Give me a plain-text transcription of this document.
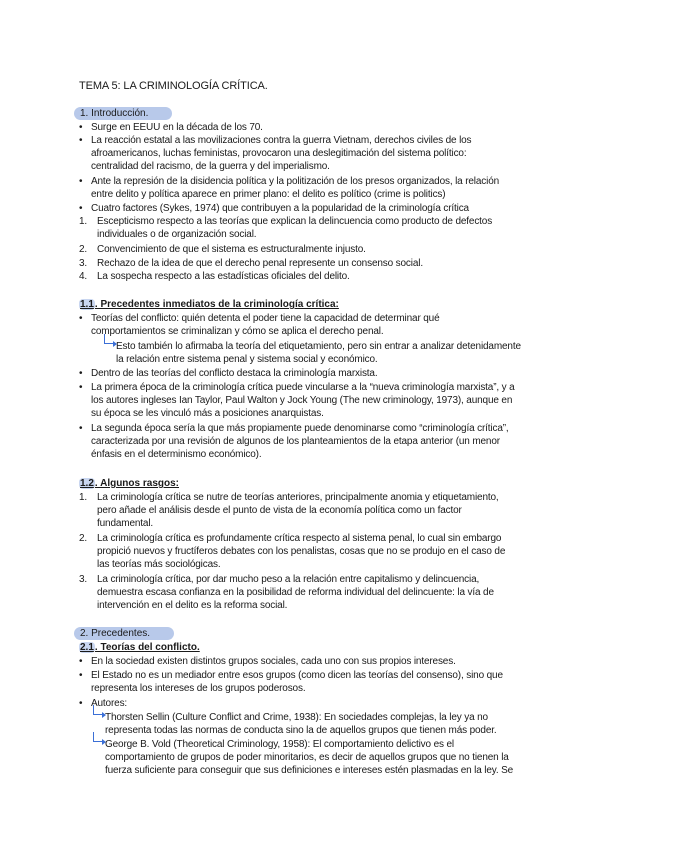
TEMA 5: LA CRIMINOLOGÍA CRÍTICA.
1. Introducción.
• Surge en EEUU en la década de los 70.
• La reacción estatal a las movilizaciones contra la guerra Vietnam, derechos civiles de los
afroamericanos, luchas feministas, provocaron una deslegitimación del sistema político:
centralidad del racismo, de la guerra y del imperialismo.
• Ante la represión de la disidencia política y la politización de los presos organizados, la relación
entre delito y política aparece en primer plano: el delito es político (crime is politics)
• Cuatro factores (Sykes, 1974) que contribuyen a la popularidad de la criminología crítica
1. Escepticismo respecto a las teorías que explican la delincuencia como producto de defectos
individuales o de organización social.
2. Convencimiento de que el sistema es estructuralmente injusto.
3. Rechazo de la idea de que el derecho penal represente un consenso social.
4. La sospecha respecto a las estadísticas oficiales del delito.
1.1. Precedentes inmediatos de la criminología crítica:
• Teorías del conflicto: quién detenta el poder tiene la capacidad de determinar qué
comportamientos se criminalizan y cómo se aplica el derecho penal.
Esto también lo afirmaba la teoría del etiquetamiento, pero sin entrar a analizar detenidamente
la relación entre sistema penal y sistema social y económico.
• Dentro de las teorías del conflicto destaca la criminología marxista.
• La primera época de la criminología crítica puede vincularse a la “nueva criminología marxista”, y a
los autores ingleses Ian Taylor, Paul Walton y Jock Young (The new criminology, 1973), aunque en
su época se les vinculó más a posiciones anarquistas.
• La segunda época sería la que más propiamente puede denominarse como “criminología crítica”,
caracterizada por una revisión de algunos de los planteamientos de la etapa anterior (un menor
énfasis en el determinismo económico).
1.2. Algunos rasgos:
1. La criminología crítica se nutre de teorías anteriores, principalmente anomia y etiquetamiento,
pero añade el análisis desde el punto de vista de la economía política como un factor
fundamental.
2. La criminología crítica es profundamente crítica respecto al sistema penal, lo cual sin embargo
propició nuevos y fructíferos debates con los penalistas, cosas que no se produjo en el caso de
las teorías más sociológicas.
3. La criminología crítica, por dar mucho peso a la relación entre capitalismo y delincuencia,
demuestra escasa confianza en la posibilidad de reforma individual del delincuente: la vía de
intervención en el delito es la reforma social.
2. Precedentes.
2.1. Teorías del conflicto.
• En la sociedad existen distintos grupos sociales, cada uno con sus propios intereses.
• El Estado no es un mediador entre esos grupos (como dicen las teorías del consenso), sino que
representa los intereses de los grupos poderosos.
• Autores:
Thorsten Sellin (Culture Conflict and Crime, 1938): En sociedades complejas, la ley ya no
representa todas las normas de conducta sino la de aquellos grupos que tienen más poder.
George B. Vold (Theoretical Criminology, 1958): El comportamiento delictivo es el
comportamiento de grupos de poder minoritarios, es decir de aquellos grupos que no tienen la
fuerza suficiente para conseguir que sus definiciones e intereses estén plasmadas en la ley. Se
